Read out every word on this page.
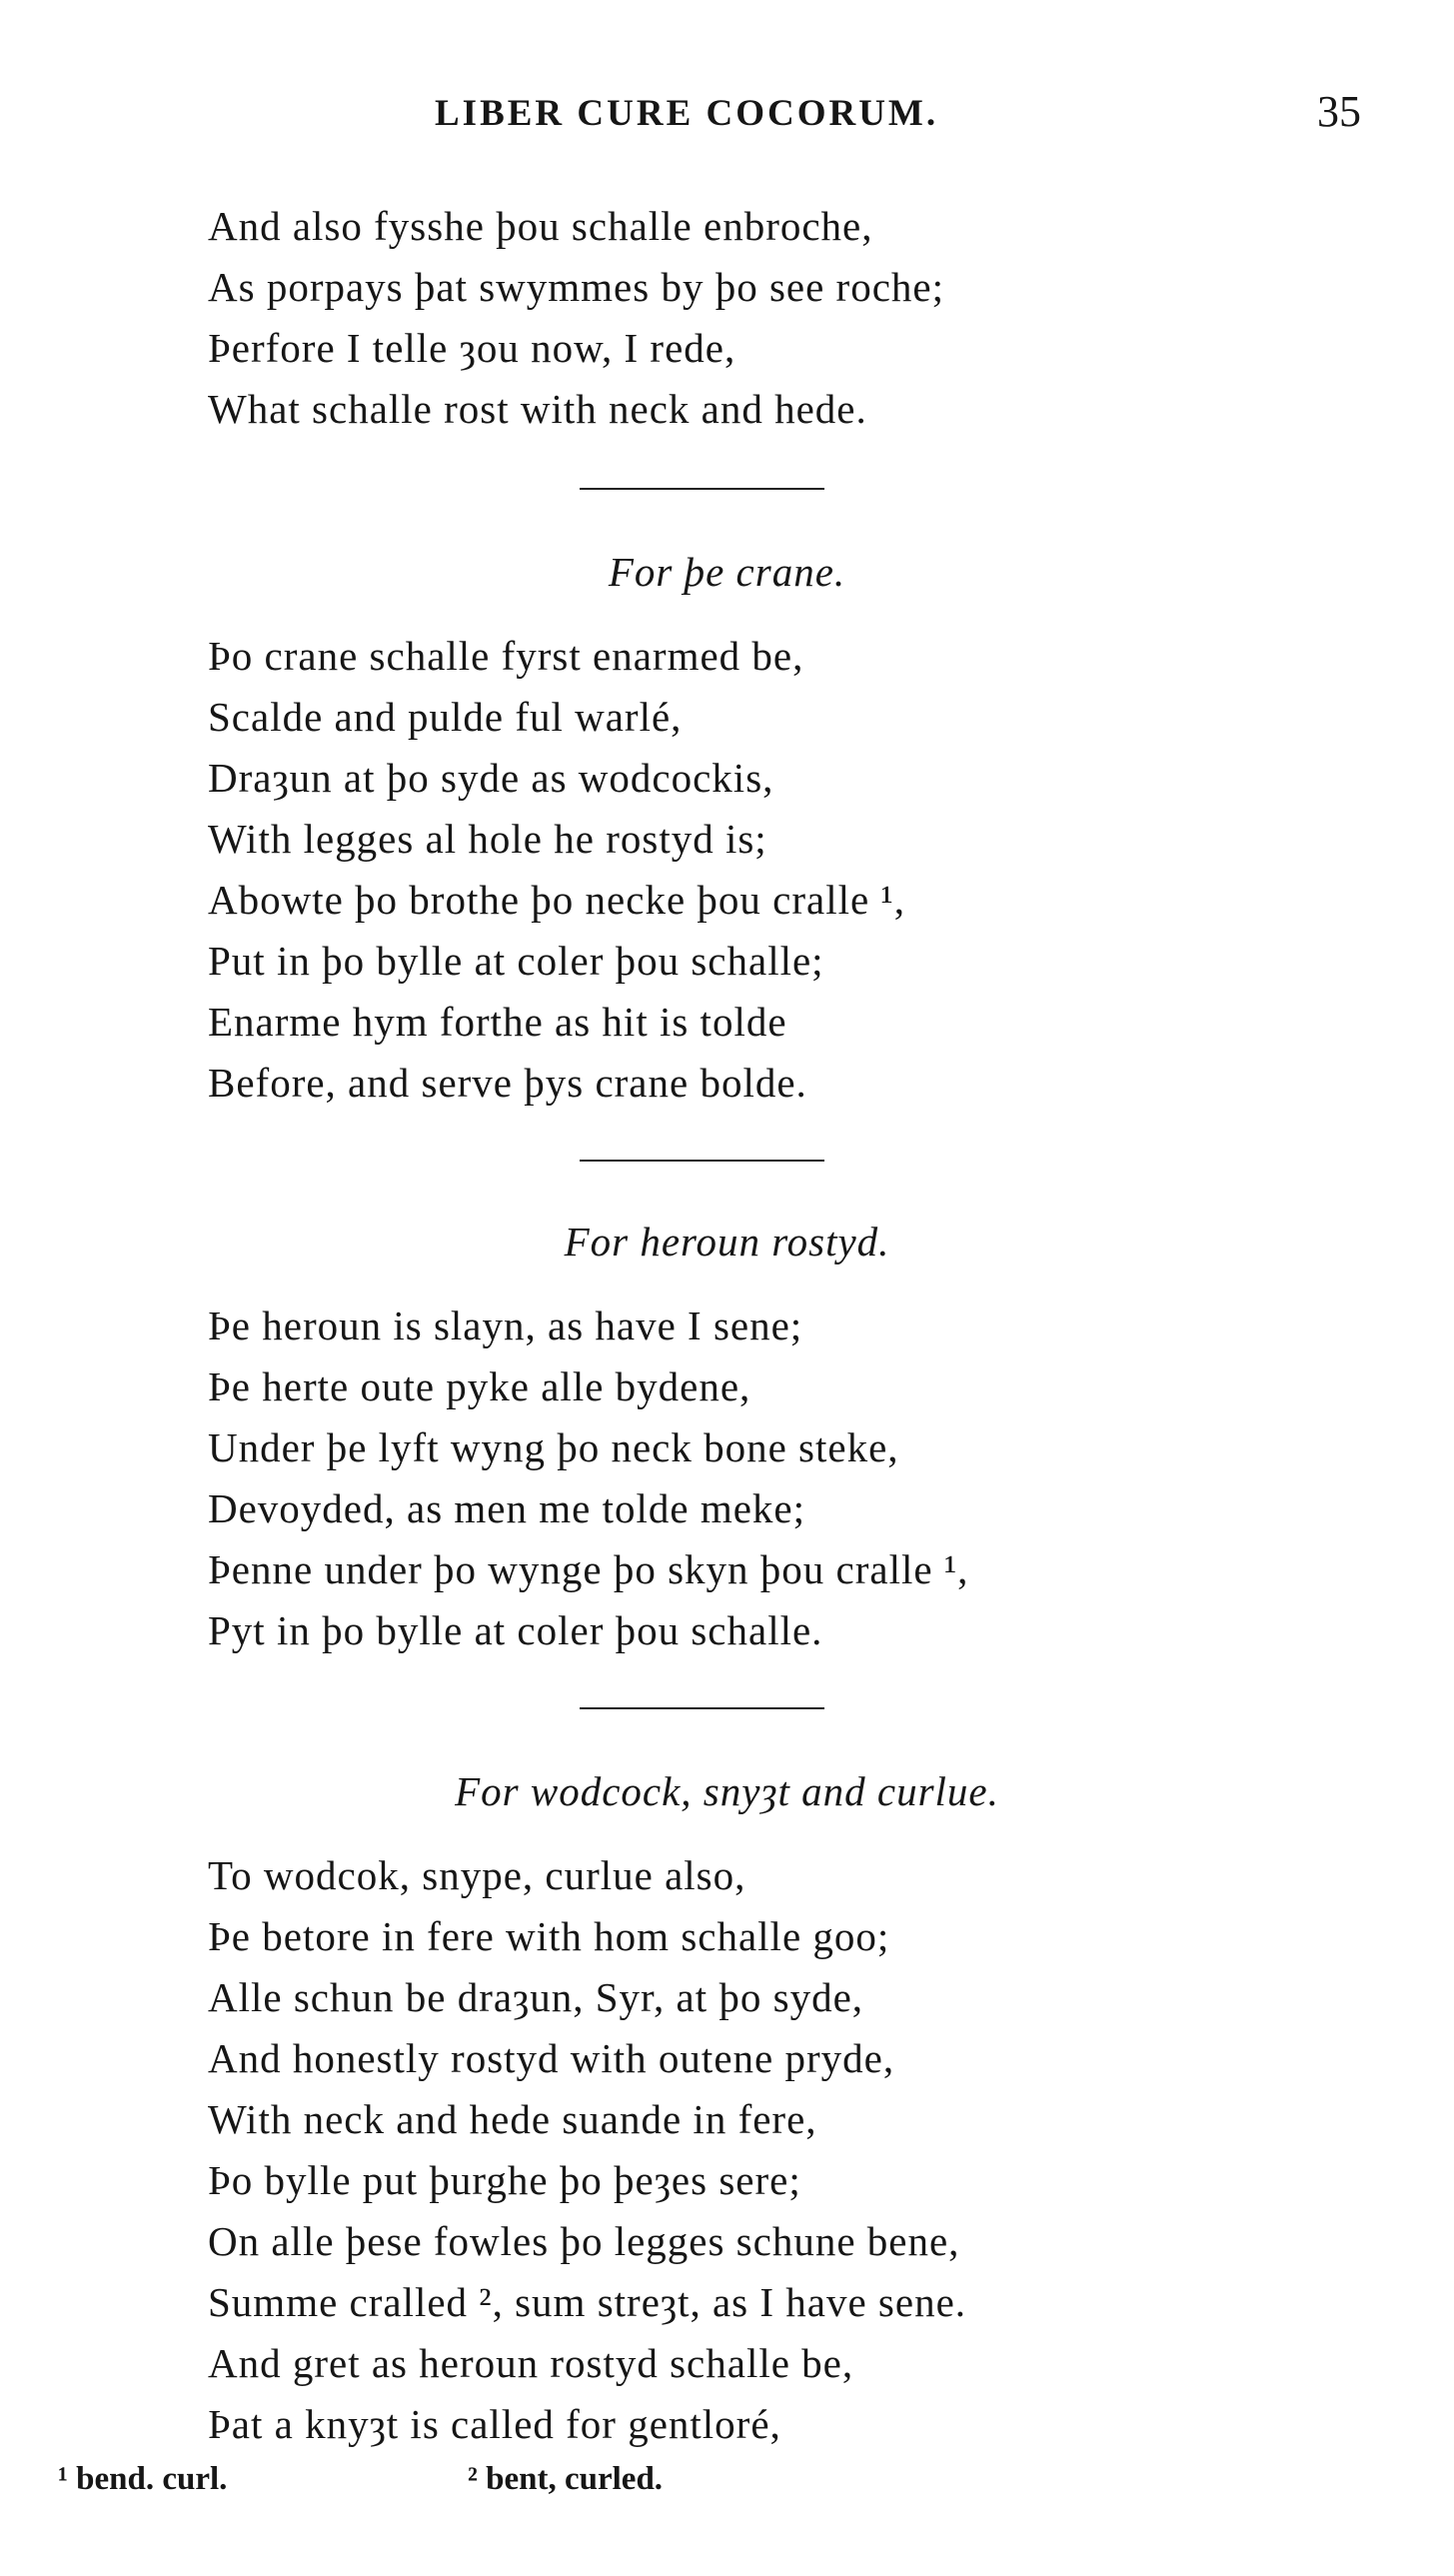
LIBER CURE COCORUM.	35
And also fysshe þou schalle enbroche,
As porpays þat swymmes by þo see roche;
Þerfore I telle ȝou now, I rede,
What schalle rost with neck and hede.
For þe crane.
Þo crane schalle fyrst enarmed be,
Scalde and pulde ful warlé,
Draȝun at þo syde as wodcockis,
With legges al hole he rostyd is;
Abowte þo brothe þo necke þou cralle ¹,
Put in þo bylle at coler þou schalle;
Enarme hym forthe as hit is tolde
Before, and serve þys crane bolde.
For heroun rostyd.
Þe heroun is slayn, as have I sene;
Þe herte oute pyke alle bydene,
Under þe lyft wyng þo neck bone steke,
Devoyded, as men me tolde meke;
Þenne under þo wynge þo skyn þou cralle ¹,
Pyt in þo bylle at coler þou schalle.
For wodcock, snyȝt and curlue.
To wodcok, snype, curlue also,
Þe betore in fere with hom schalle goo;
Alle schun be draȝun, Syr, at þo syde,
And honestly rostyd with outene pryde,
With neck and hede suande in fere,
Þo bylle put þurghe þo þeȝes sere;
On alle þese fowles þo legges schune bene,
Summe cralled ², sum streȝt, as I have sene.
And gret as heroun rostyd schalle be,
Þat a knyȝt is called for gentloré,
¹ bend. curl.	² bent, curled.
